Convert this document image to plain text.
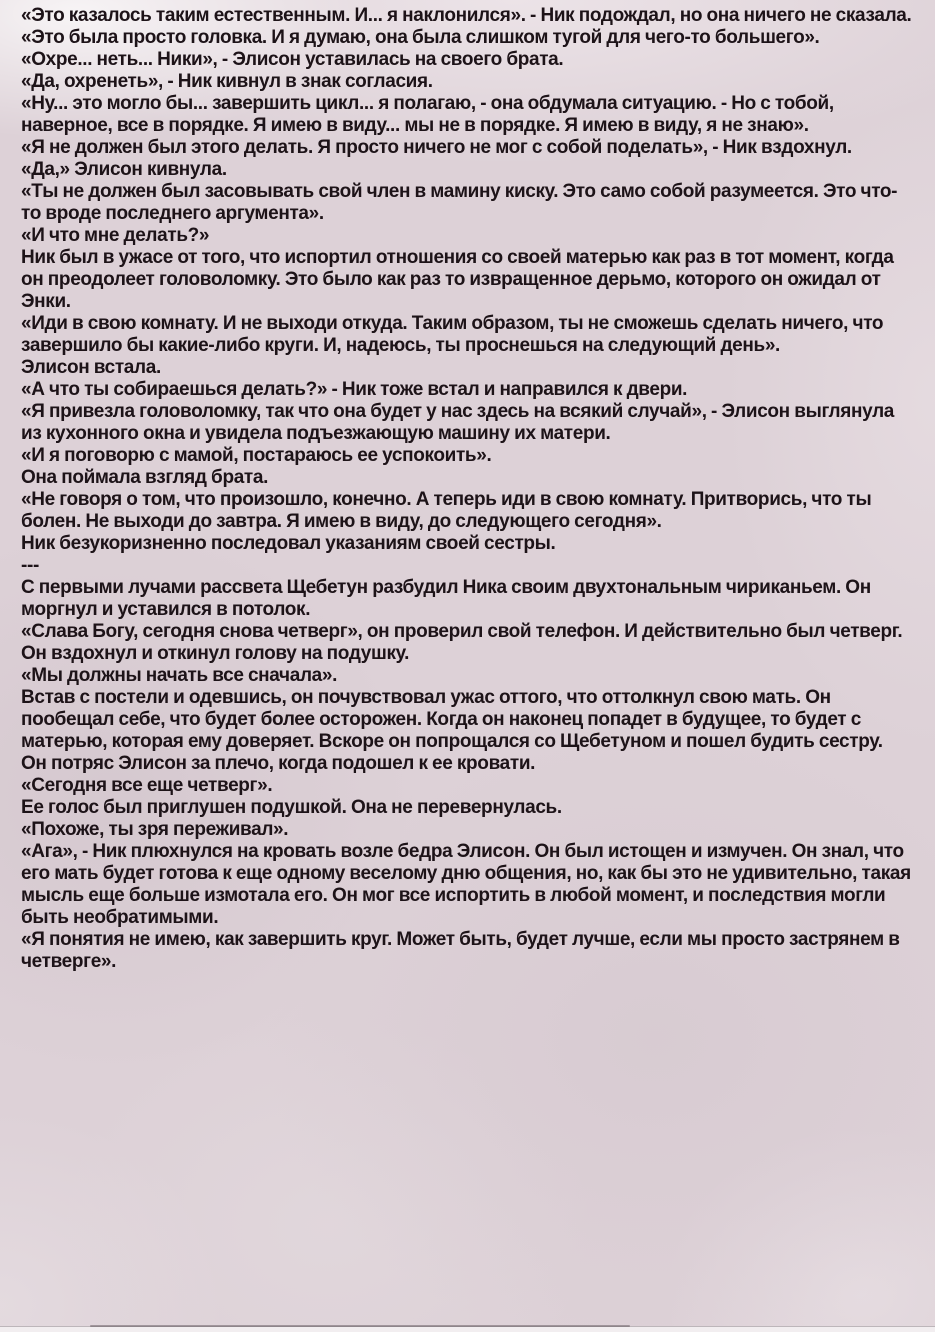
«Это казалось таким естественным. И... я наклонился». - Ник подождал, но она ничего не сказала.

«Это была просто головка. И я думаю, она была слишком тугой для чего-то большего».

«Охре... неть... Ники», - Элисон уставилась на своего брата.

«Да, охренеть», - Ник кивнул в знак согласия.

«Ну... это могло бы... завершить цикл... я полагаю, - она обдумала ситуацию. - Но с тобой, наверное, все в порядке. Я имею в виду... мы не в порядке. Я имею в виду, я не знаю».

«Я не должен был этого делать. Я просто ничего не мог с собой поделать», - Ник вздохнул.

«Да,» Элисон кивнула.

«Ты не должен был засовывать свой член в мамину киску. Это само собой разумеется. Это что-то вроде последнего аргумента».

«И что мне делать?»

Ник был в ужасе от того, что испортил отношения со своей матерью как раз в тот момент, когда он преодолеет головоломку. Это было как раз то извращенное дерьмо, которого он ожидал от Энки.

«Иди в свою комнату. И не выходи откуда. Таким образом, ты не сможешь сделать ничего, что завершило бы какие-либо круги. И, надеюсь, ты проснешься на следующий день».

Элисон встала.

«А что ты собираешься делать?» - Ник тоже встал и направился к двери.

«Я привезла головоломку, так что она будет у нас здесь на всякий случай», - Элисон выглянула из кухонного окна и увидела подъезжающую машину их матери.

«И я поговорю с мамой, постараюсь ее успокоить».

Она поймала взгляд брата.

«Не говоря о том, что произошло, конечно. А теперь иди в свою комнату. Притворись, что ты болен. Не выходи до завтра. Я имею в виду, до следующего сегодня».

Ник безукоризненно последовал указаниям своей сестры.

---

С первыми лучами рассвета Щебетун разбудил Ника своим двухтональным чириканьем. Он моргнул и уставился в потолок.

«Слава Богу, сегодня снова четверг», он проверил свой телефон. И действительно был четверг. Он вздохнул и откинул голову на подушку.

«Мы должны начать все сначала».

Встав с постели и одевшись, он почувствовал ужас оттого, что оттолкнул свою мать. Он пообещал себе, что будет более осторожен. Когда он наконец попадет в будущее, то будет с матерью, которая ему доверяет. Вскоре он попрощался со Щебетуном и пошел будить сестру.

Он потряс Элисон за плечо, когда подошел к ее кровати.

«Сегодня все еще четверг».

Ее голос был приглушен подушкой. Она не перевернулась.

«Похоже, ты зря переживал».

«Ага», - Ник плюхнулся на кровать возле бедра Элисон. Он был истощен и измучен. Он знал, что его мать будет готова к еще одному веселому дню общения, но, как бы это не удивительно, такая мысль еще больше измотала его. Он мог все испортить в любой момент, и последствия могли быть необратимыми.

«Я понятия не имею, как завершить круг. Может быть, будет лучше, если мы просто застрянем в четверге».
